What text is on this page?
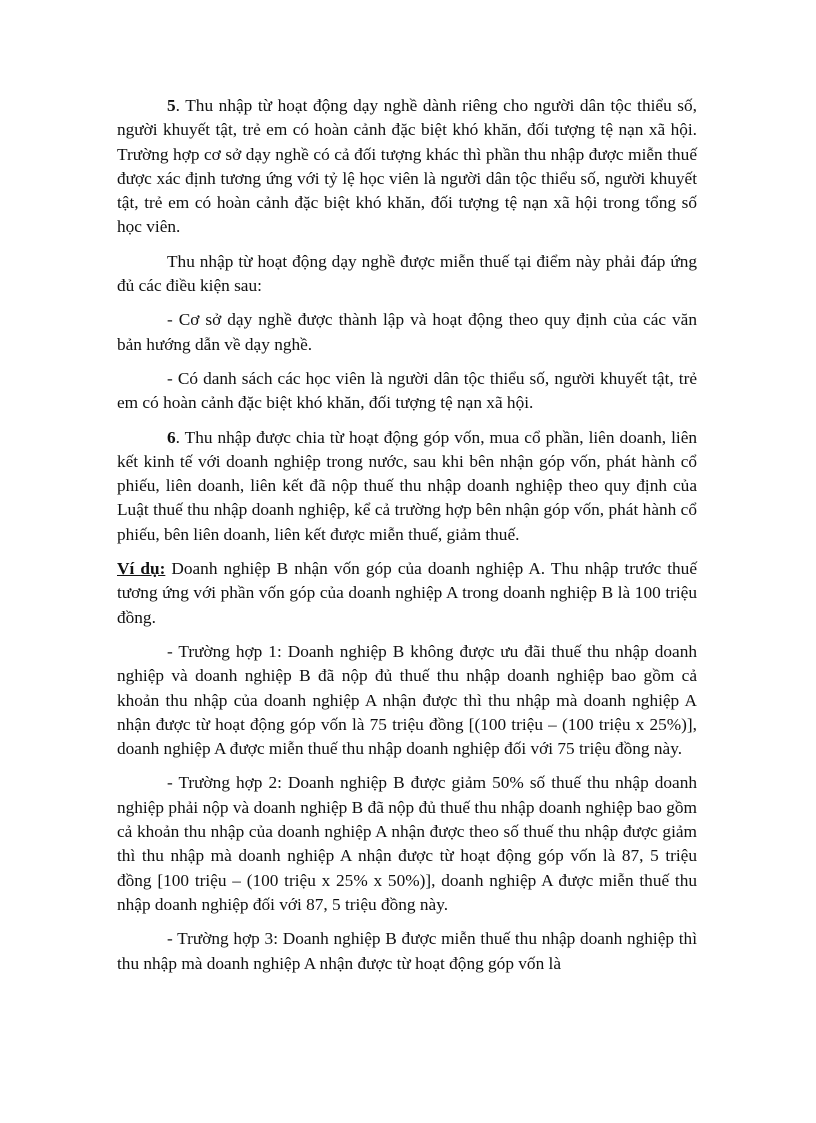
5. Thu nhập từ hoạt động dạy nghề dành riêng cho người dân tộc thiểu số, người khuyết tật, trẻ em có hoàn cảnh đặc biệt khó khăn, đối tượng tệ nạn xã hội. Trường hợp cơ sở dạy nghề có cả đối tượng khác thì phần thu nhập được miễn thuế được xác định tương ứng với tỷ lệ học viên là người dân tộc thiểu số, người khuyết tật, trẻ em có hoàn cảnh đặc biệt khó khăn, đối tượng tệ nạn xã hội trong tổng số học viên.

Thu nhập từ hoạt động dạy nghề được miễn thuế tại điểm này phải đáp ứng đủ các điều kiện sau:

- Cơ sở dạy nghề được thành lập và hoạt động theo quy định của các văn bản hướng dẫn về dạy nghề.

- Có danh sách các học viên là người dân tộc thiểu số, người khuyết tật, trẻ em có hoàn cảnh đặc biệt khó khăn, đối tượng tệ nạn xã hội.

6. Thu nhập được chia từ hoạt động góp vốn, mua cổ phần, liên doanh, liên kết kinh tế với doanh nghiệp trong nước, sau khi bên nhận góp vốn, phát hành cổ phiếu, liên doanh, liên kết đã nộp thuế thu nhập doanh nghiệp theo quy định của Luật thuế thu nhập doanh nghiệp, kể cả trường hợp bên nhận góp vốn, phát hành cổ phiếu, bên liên doanh, liên kết được miễn thuế, giảm thuế.

Ví dụ: Doanh nghiệp B nhận vốn góp của doanh nghiệp A. Thu nhập trước thuế tương ứng với phần vốn góp của doanh nghiệp A trong doanh nghiệp B là 100 triệu đồng.

- Trường hợp 1: Doanh nghiệp B không được ưu đãi thuế thu nhập doanh nghiệp và doanh nghiệp B đã nộp đủ thuế thu nhập doanh nghiệp bao gồm cả khoản thu nhập của doanh nghiệp A nhận được thì thu nhập mà doanh nghiệp A nhận được từ hoạt động góp vốn là 75 triệu đồng [(100 triệu – (100 triệu x 25%)], doanh nghiệp A được miễn thuế thu nhập doanh nghiệp đối với 75 triệu đồng này.

- Trường hợp 2: Doanh nghiệp B được giảm 50% số thuế thu nhập doanh nghiệp phải nộp và doanh nghiệp B đã nộp đủ thuế thu nhập doanh nghiệp bao gồm cả khoản thu nhập của doanh nghiệp A nhận được theo số thuế thu nhập được giảm thì thu nhập mà doanh nghiệp A nhận được từ hoạt động góp vốn là 87, 5 triệu đồng [100 triệu – (100 triệu x 25% x 50%)], doanh nghiệp A được miễn thuế thu nhập doanh nghiệp đối với 87, 5 triệu đồng này.

- Trường hợp 3: Doanh nghiệp B được miễn thuế thu nhập doanh nghiệp thì thu nhập mà doanh nghiệp A nhận được từ hoạt động góp vốn là
